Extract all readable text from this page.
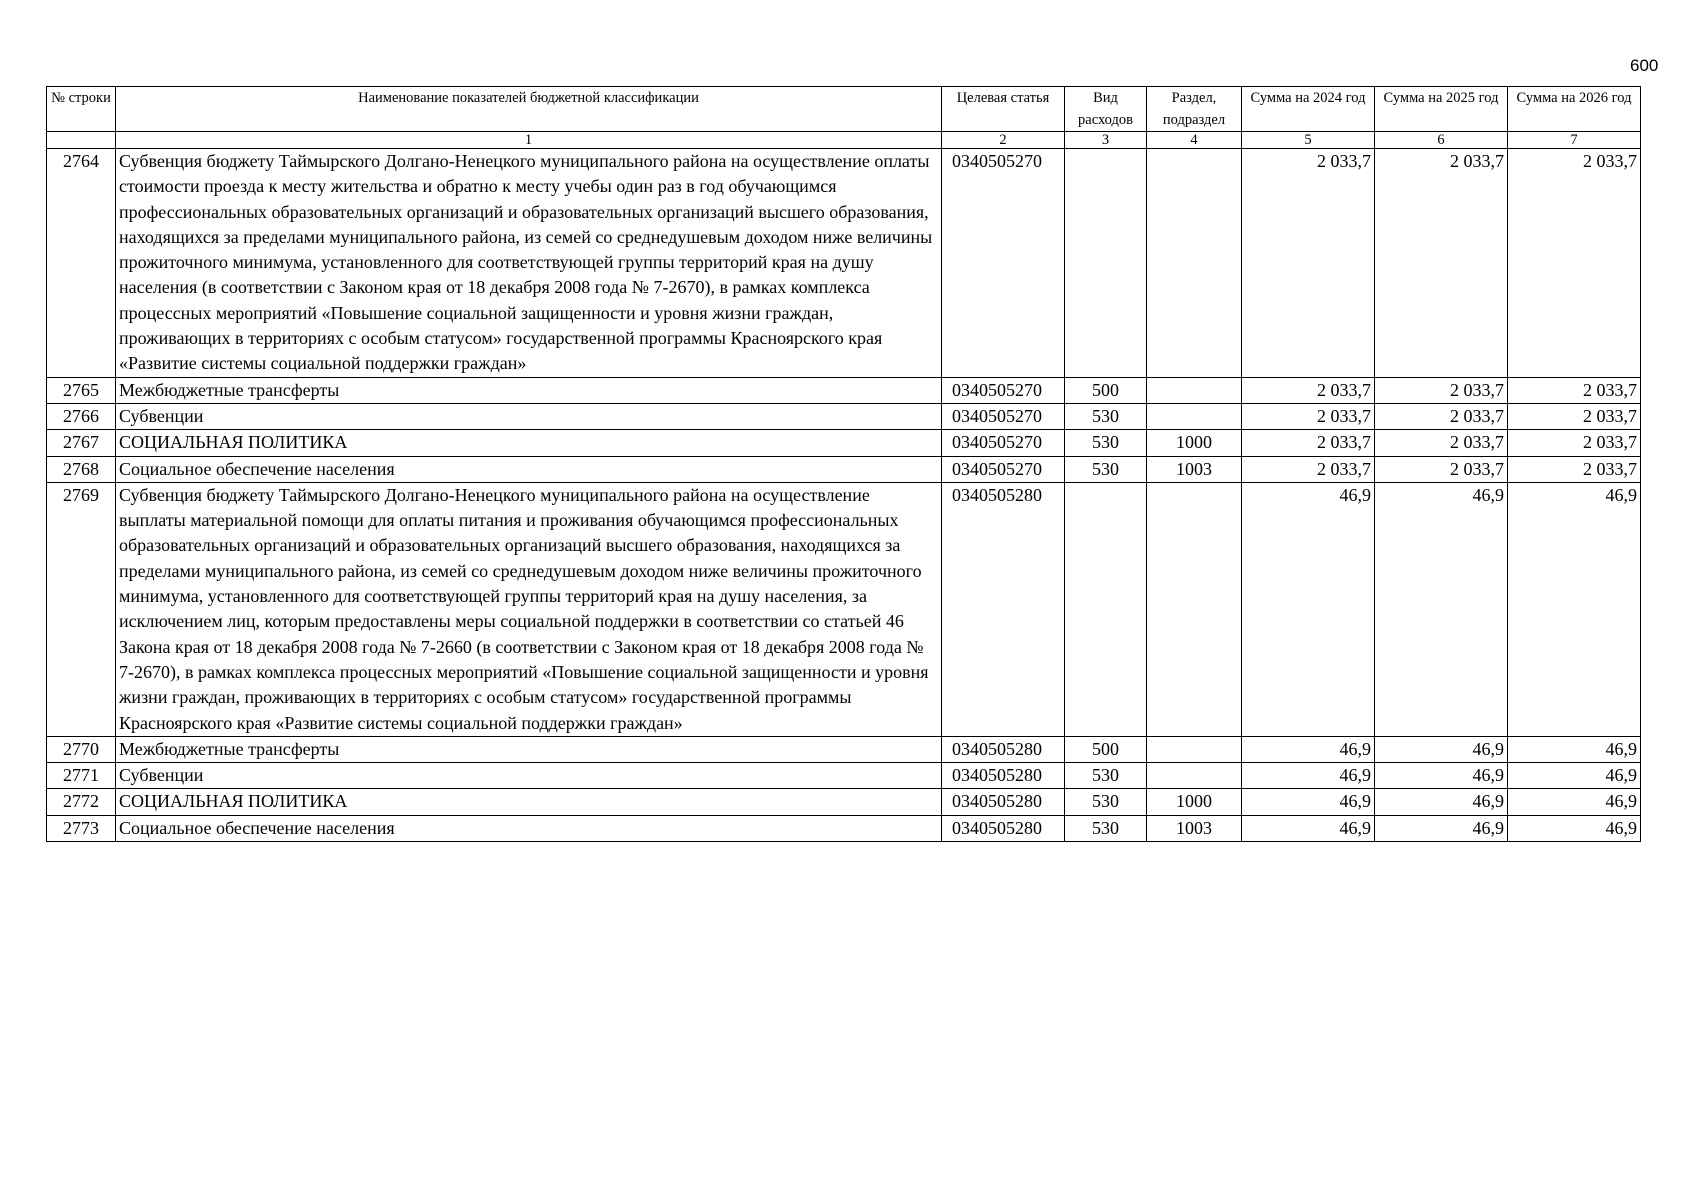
600
№ строки	Наименование показателей бюджетной классификации	Целевая статья	Вид расходов	Раздел, подраздел	Сумма на 2024 год	Сумма на 2025 год	Сумма на 2026 год
	1	2	3	4	5	6	7
2764	Субвенция бюджету Таймырского Долгано-Ненецкого муниципального района на осуществление оплаты стоимости проезда к месту жительства и обратно к месту учебы один раз в год обучающимся профессиональных образовательных организаций и образовательных организаций высшего образования, находящихся за пределами муниципального района, из семей со среднедушевым доходом ниже величины прожиточного минимума, установленного для соответствующей группы территорий края на душу населения (в соответствии с Законом края от 18 декабря 2008 года № 7-2670), в рамках комплекса процессных мероприятий «Повышение социальной защищенности и уровня жизни граждан, проживающих в территориях с особым статусом» государственной программы Красноярского края «Развитие системы социальной поддержки граждан»	0340505270			2 033,7	2 033,7	2 033,7
2765	Межбюджетные трансферты	0340505270	500		2 033,7	2 033,7	2 033,7
2766	Субвенции	0340505270	530		2 033,7	2 033,7	2 033,7
2767	СОЦИАЛЬНАЯ ПОЛИТИКА	0340505270	530	1000	2 033,7	2 033,7	2 033,7
2768	Социальное обеспечение населения	0340505270	530	1003	2 033,7	2 033,7	2 033,7
2769	Субвенция бюджету Таймырского Долгано-Ненецкого муниципального района на осуществление выплаты материальной помощи для оплаты питания и проживания обучающимся профессиональных образовательных организаций и образовательных организаций высшего образования, находящихся за пределами муниципального района, из семей со среднедушевым доходом ниже величины прожиточного минимума, установленного для соответствующей группы территорий края на душу населения, за исключением лиц, которым предоставлены меры социальной поддержки в соответствии со статьей 46 Закона края от 18 декабря 2008 года № 7-2660 (в соответствии с Законом края от 18 декабря 2008 года № 7-2670), в рамках комплекса процессных мероприятий «Повышение социальной защищенности и уровня жизни граждан, проживающих в территориях с особым статусом» государственной программы Красноярского края «Развитие системы социальной поддержки граждан»	0340505280			46,9	46,9	46,9
2770	Межбюджетные трансферты	0340505280	500		46,9	46,9	46,9
2771	Субвенции	0340505280	530		46,9	46,9	46,9
2772	СОЦИАЛЬНАЯ ПОЛИТИКА	0340505280	530	1000	46,9	46,9	46,9
2773	Социальное обеспечение населения	0340505280	530	1003	46,9	46,9	46,9
